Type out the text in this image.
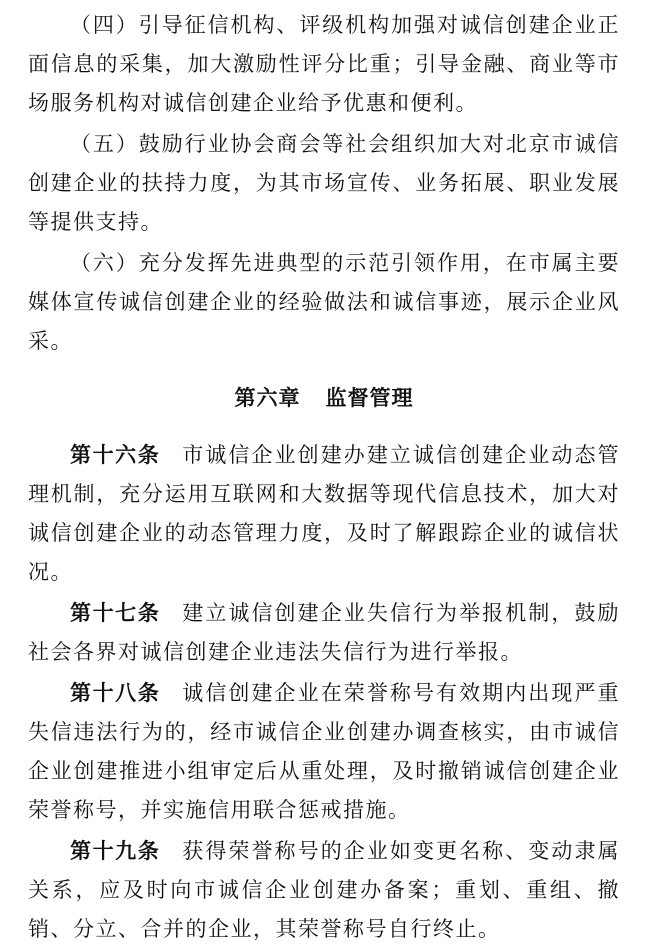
（四）引导征信机构、评级机构加强对诚信创建企业正面信息的采集，加大激励性评分比重；引导金融、商业等市场服务机构对诚信创建企业给予优惠和便利。

（五）鼓励行业协会商会等社会组织加大对北京市诚信创建企业的扶持力度，为其市场宣传、业务拓展、职业发展等提供支持。

（六）充分发挥先进典型的示范引领作用，在市属主要媒体宣传诚信创建企业的经验做法和诚信事迹，展示企业风采。

第六章   监督管理

第十六条 市诚信企业创建办建立诚信创建企业动态管理机制，充分运用互联网和大数据等现代信息技术，加大对诚信创建企业的动态管理力度，及时了解跟踪企业的诚信状况。

第十七条 建立诚信创建企业失信行为举报机制，鼓励社会各界对诚信创建企业违法失信行为进行举报。

第十八条 诚信创建企业在荣誉称号有效期内出现严重失信违法行为的，经市诚信企业创建办调查核实，由市诚信企业创建推进小组审定后从重处理，及时撤销诚信创建企业荣誉称号，并实施信用联合惩戒措施。

第十九条 获得荣誉称号的企业如变更名称、变动隶属关系，应及时向市诚信企业创建办备案；重划、重组、撤销、分立、合并的企业，其荣誉称号自行终止。
